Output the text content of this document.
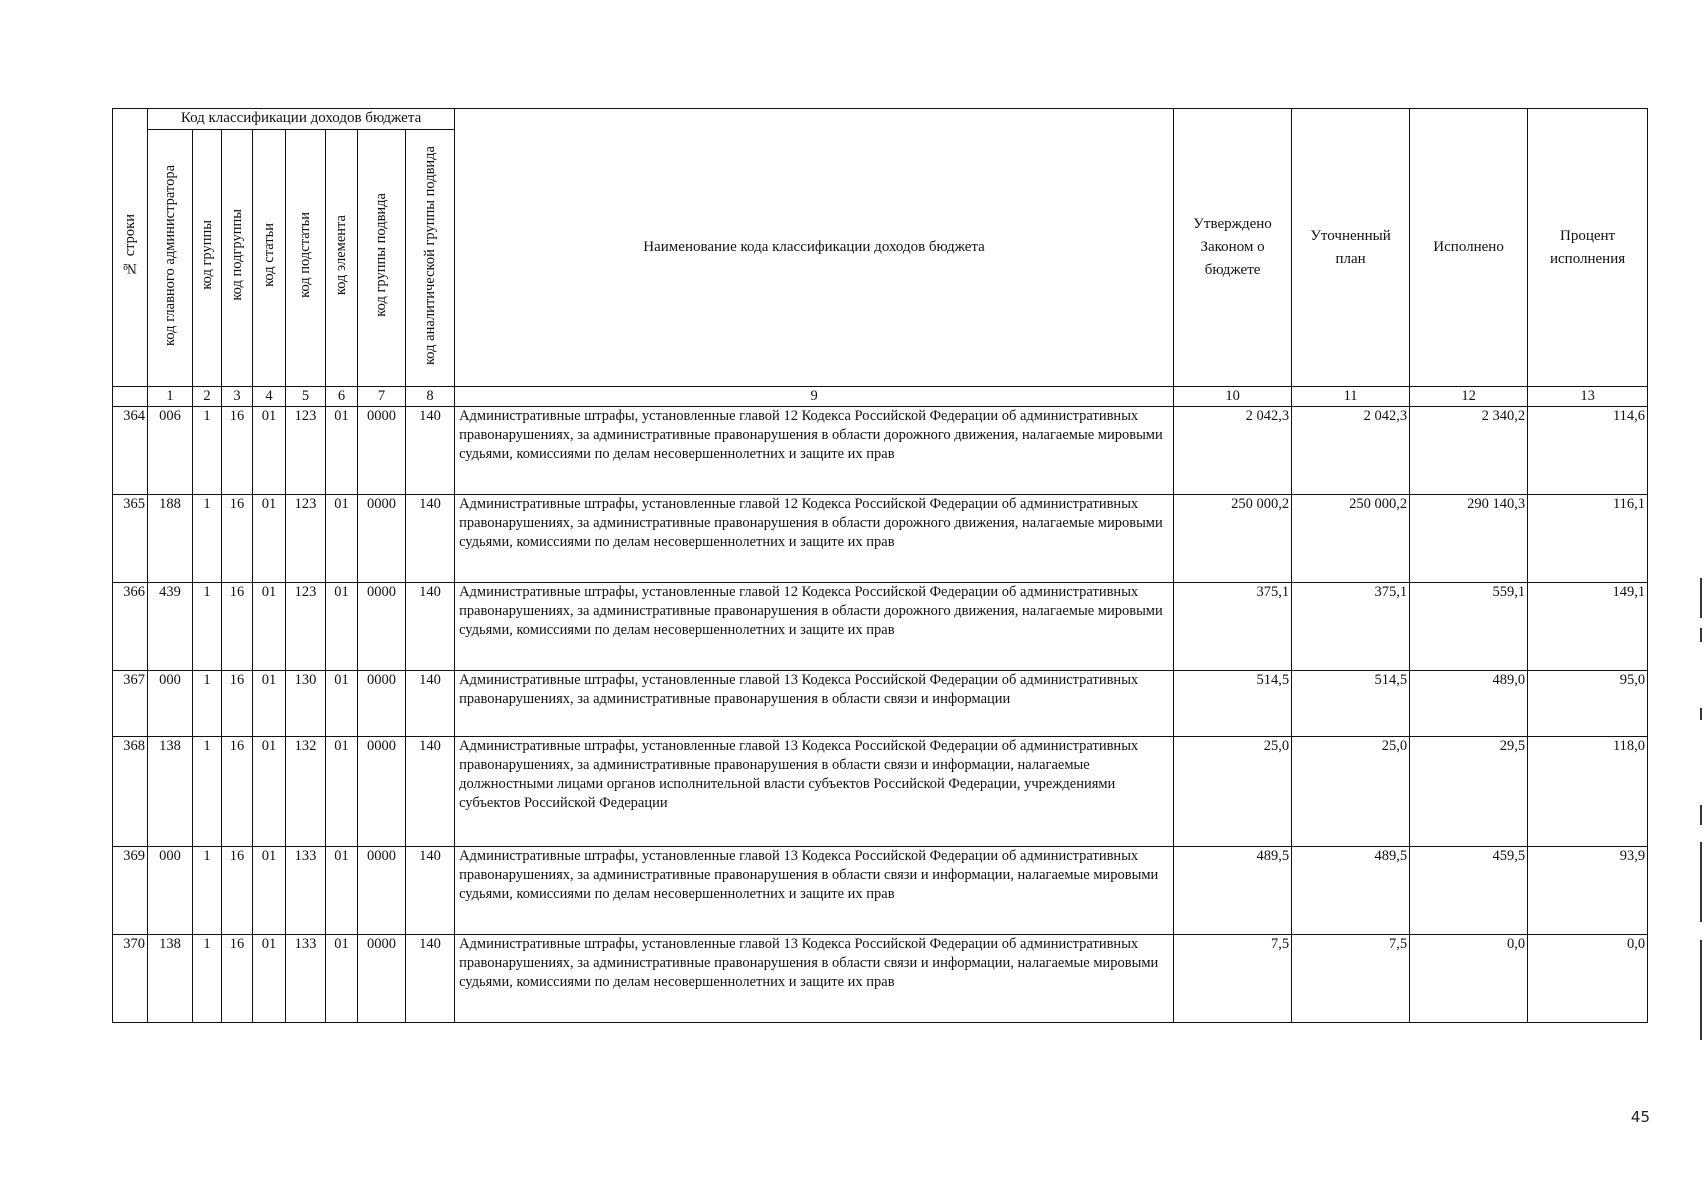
№ строки	Код классификации доходов бюджета								Наименование кода классификации доходов бюджета	Утверждено Законом о бюджете	Уточненный план	Исполнено	Процент исполнения
	код главного администратора	код группы	код подгруппы	код статьи	код подстатьи	код элемента	код группы подвида	код аналитической группы подвида					
	1	2	3	4	5	6	7	8	9	10	11	12	13
364	006	1	16	01	123	01	0000	140	Административные штрафы, установленные главой 12 Кодекса Российской Федерации об административных правонарушениях, за административные правонарушения в области дорожного движения, налагаемые мировыми судьями, комиссиями по делам несовершеннолетних и защите их прав	2 042,3	2 042,3	2 340,2	114,6
365	188	1	16	01	123	01	0000	140	Административные штрафы, установленные главой 12 Кодекса Российской Федерации об административных правонарушениях, за административные правонарушения в области дорожного движения, налагаемые мировыми судьями, комиссиями по делам несовершеннолетних и защите их прав	250 000,2	250 000,2	290 140,3	116,1
366	439	1	16	01	123	01	0000	140	Административные штрафы, установленные главой 12 Кодекса Российской Федерации об административных правонарушениях, за административные правонарушения в области дорожного движения, налагаемые мировыми судьями, комиссиями по делам несовершеннолетних и защите их прав	375,1	375,1	559,1	149,1
367	000	1	16	01	130	01	0000	140	Административные штрафы, установленные главой 13 Кодекса Российской Федерации об административных правонарушениях, за административные правонарушения в области связи и информации	514,5	514,5	489,0	95,0
368	138	1	16	01	132	01	0000	140	Административные штрафы, установленные главой 13 Кодекса Российской Федерации об административных правонарушениях, за административные правонарушения в области связи и информации, налагаемые должностными лицами органов исполнительной власти субъектов Российской Федерации, учреждениями субъектов Российской Федерации	25,0	25,0	29,5	118,0
369	000	1	16	01	133	01	0000	140	Административные штрафы, установленные главой 13 Кодекса Российской Федерации об административных правонарушениях, за административные правонарушения в области связи и информации, налагаемые мировыми судьями, комиссиями по делам несовершеннолетних и защите их прав	489,5	489,5	459,5	93,9
370	138	1	16	01	133	01	0000	140	Административные штрафы, установленные главой 13 Кодекса Российской Федерации об административных правонарушениях, за административные правонарушения в области связи и информации, налагаемые мировыми судьями, комиссиями по делам несовершеннолетних и защите их прав	7,5	7,5	0,0	0,0
45
